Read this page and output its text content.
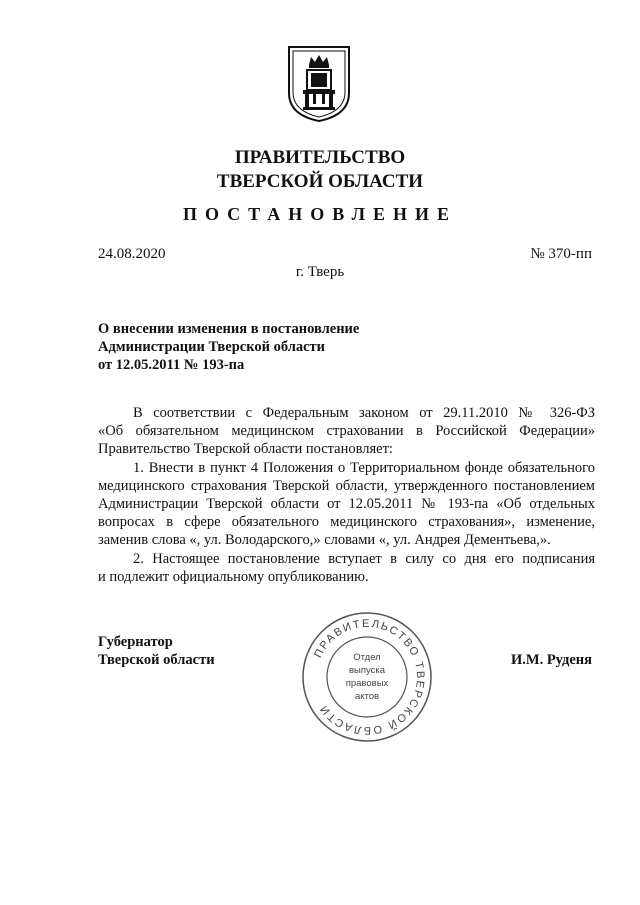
ПРАВИТЕЛЬСТВО
ТВЕРСКОЙ ОБЛАСТИ
ПОСТАНОВЛЕНИЕ
24.08.2020	№ 370-пп
г. Тверь
О внесении изменения в постановление
Администрации Тверской области
от 12.05.2011 № 193-па
В соответствии с Федеральным законом от 29.11.2010 № 326-ФЗ
«Об обязательном медицинском страховании в Российской Федерации»
Правительство Тверской области постановляет:
1. Внести в пункт 4 Положения о Территориальном фонде обязательного
медицинского страхования Тверской области, утвержденного постановлением
Администрации Тверской области от 12.05.2011 № 193-па «Об отдельных
вопросах в сфере обязательного медицинского страхования», изменение,
заменив слова «, ул. Володарского,» словами «, ул. Андрея Дементьева,».
2. Настоящее постановление вступает в силу со дня его подписания
и подлежит официальному опубликованию.
Губернатор
Тверской области	И.М. Руденя
ПРАВИТЕЛЬСТВО ТВЕРСКОЙ ОБЛАСТИ
Отдел
выпуска
правовых
актов
